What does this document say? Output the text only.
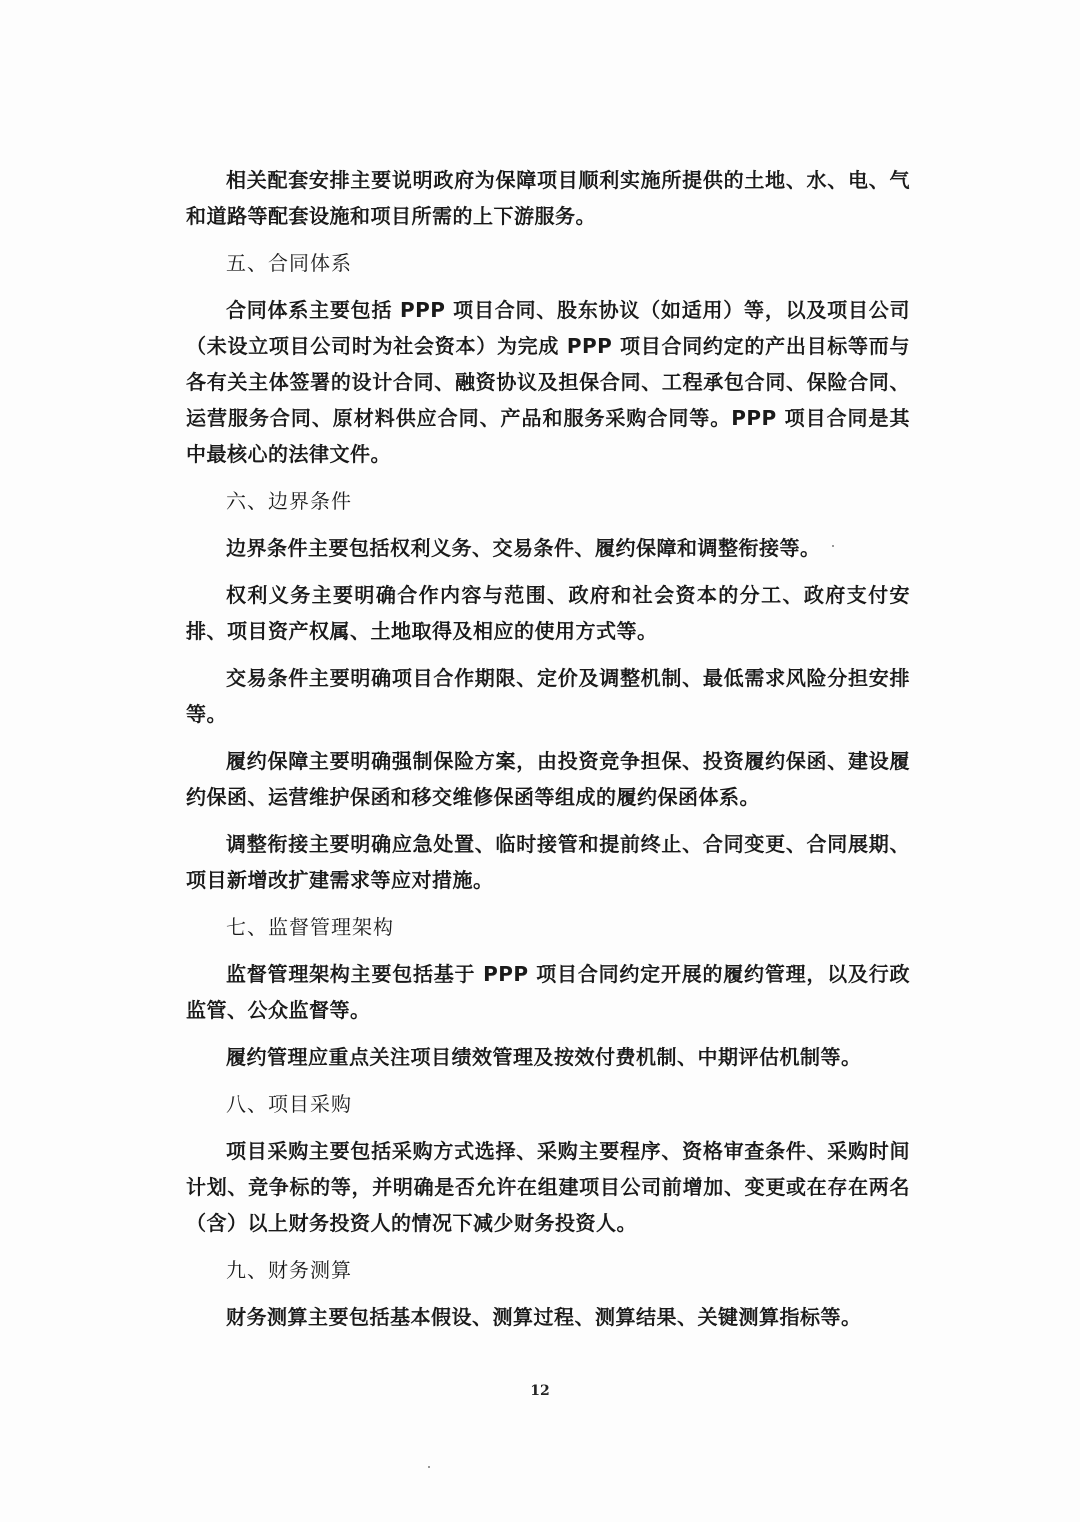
相关配套安排主要说明政府为保障项目顺利实施所提供的土地、水、电、气和道路等配套设施和项目所需的上下游服务。

五、合同体系

合同体系主要包括 PPP 项目合同、股东协议（如适用）等，以及项目公司（未设立项目公司时为社会资本）为完成 PPP 项目合同约定的产出目标等而与各有关主体签署的设计合同、融资协议及担保合同、工程承包合同、保险合同、运营服务合同、原材料供应合同、产品和服务采购合同等。PPP 项目合同是其中最核心的法律文件。

六、边界条件

边界条件主要包括权利义务、交易条件、履约保障和调整衔接等。

权利义务主要明确合作内容与范围、政府和社会资本的分工、政府支付安排、项目资产权属、土地取得及相应的使用方式等。

交易条件主要明确项目合作期限、定价及调整机制、最低需求风险分担安排等。

履约保障主要明确强制保险方案，由投资竞争担保、投资履约保函、建设履约保函、运营维护保函和移交维修保函等组成的履约保函体系。

调整衔接主要明确应急处置、临时接管和提前终止、合同变更、合同展期、项目新增改扩建需求等应对措施。

七、监督管理架构

监督管理架构主要包括基于 PPP 项目合同约定开展的履约管理，以及行政监管、公众监督等。

履约管理应重点关注项目绩效管理及按效付费机制、中期评估机制等。

八、项目采购

项目采购主要包括采购方式选择、采购主要程序、资格审查条件、采购时间计划、竞争标的等，并明确是否允许在组建项目公司前增加、变更或在存在两名（含）以上财务投资人的情况下减少财务投资人。

九、财务测算

财务测算主要包括基本假设、测算过程、测算结果、关键测算指标等。

12
